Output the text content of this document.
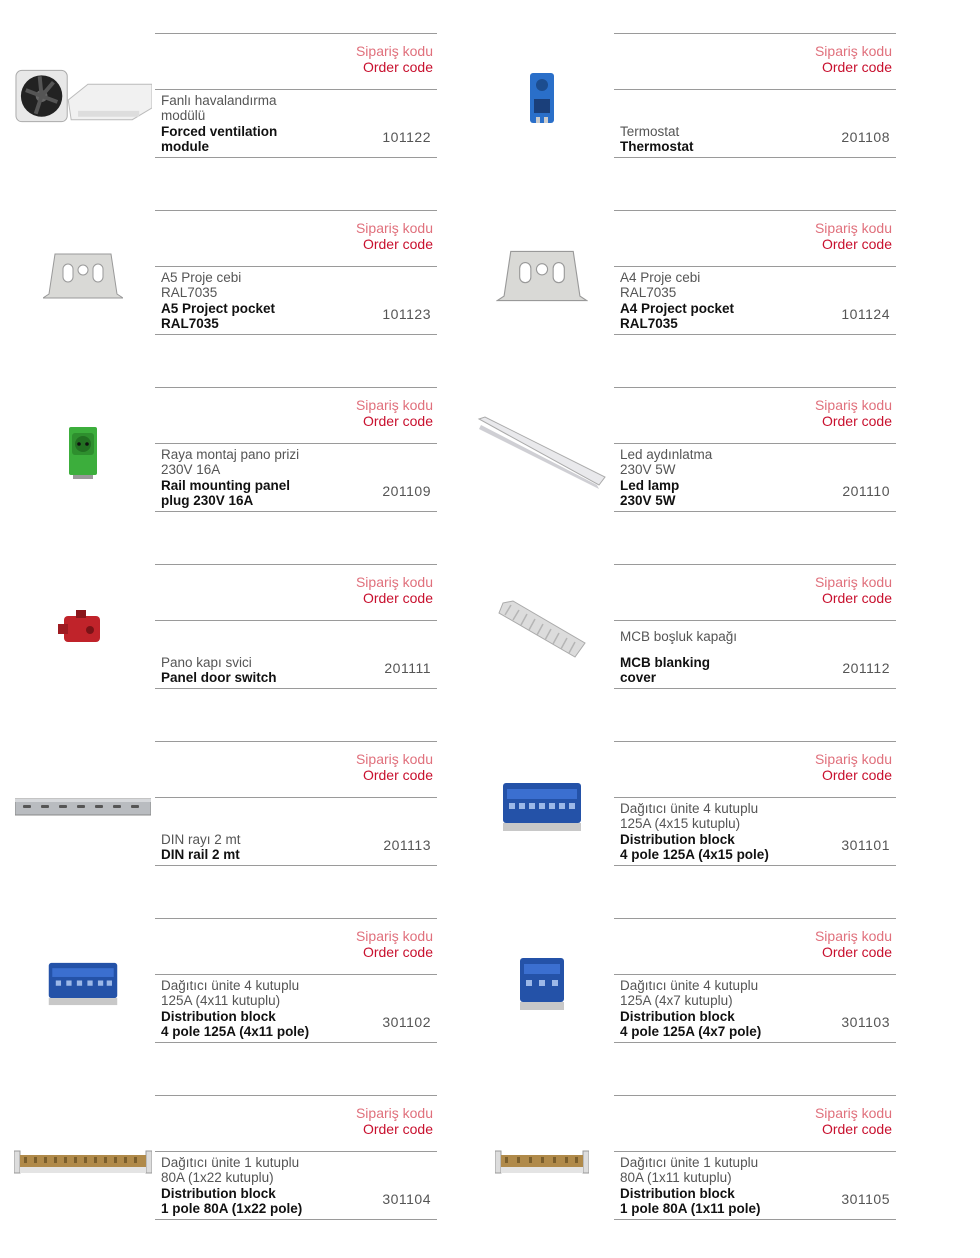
Sipariş kodu
Order code
Fanlı havalandırma
modülü
Forced ventilation
module
101122
Sipariş kodu
Order code
Termostat
Thermostat
201108
Sipariş kodu
Order code
A5 Proje cebi
RAL7035
A5 Project pocket
RAL7035
101123
Sipariş kodu
Order code
A4 Proje cebi
RAL7035
A4 Project pocket
RAL7035
101124
Sipariş kodu
Order code
Raya montaj pano prizi
230V 16A
Rail mounting panel
plug 230V 16A
201109
Sipariş kodu
Order code
Led aydınlatma
230V 5W
Led lamp
230V 5W
201110
Sipariş kodu
Order code
Pano kapı svici
Panel door switch
201111
Sipariş kodu
Order code
MCB boşluk kapağı
MCB blanking
cover
201112
Sipariş kodu
Order code
DIN rayı 2 mt
DIN rail 2 mt
201113
Sipariş kodu
Order code
Dağıtıcı ünite 4 kutuplu
125A (4x15 kutuplu)
Distribution block
4 pole 125A (4x15 pole)
301101
Sipariş kodu
Order code
Dağıtıcı ünite 4 kutuplu
125A (4x11 kutuplu)
Distribution block
4 pole 125A (4x11 pole)
301102
Sipariş kodu
Order code
Dağıtıcı ünite 4 kutuplu
125A (4x7 kutuplu)
Distribution block
4 pole 125A (4x7 pole)
301103
Sipariş kodu
Order code
Dağıtıcı ünite 1 kutuplu
80A (1x22 kutuplu)
Distribution block
1 pole 80A (1x22 pole)
301104
Sipariş kodu
Order code
Dağıtıcı ünite 1 kutuplu
80A (1x11 kutuplu)
Distribution block
1 pole 80A (1x11 pole)
301105
